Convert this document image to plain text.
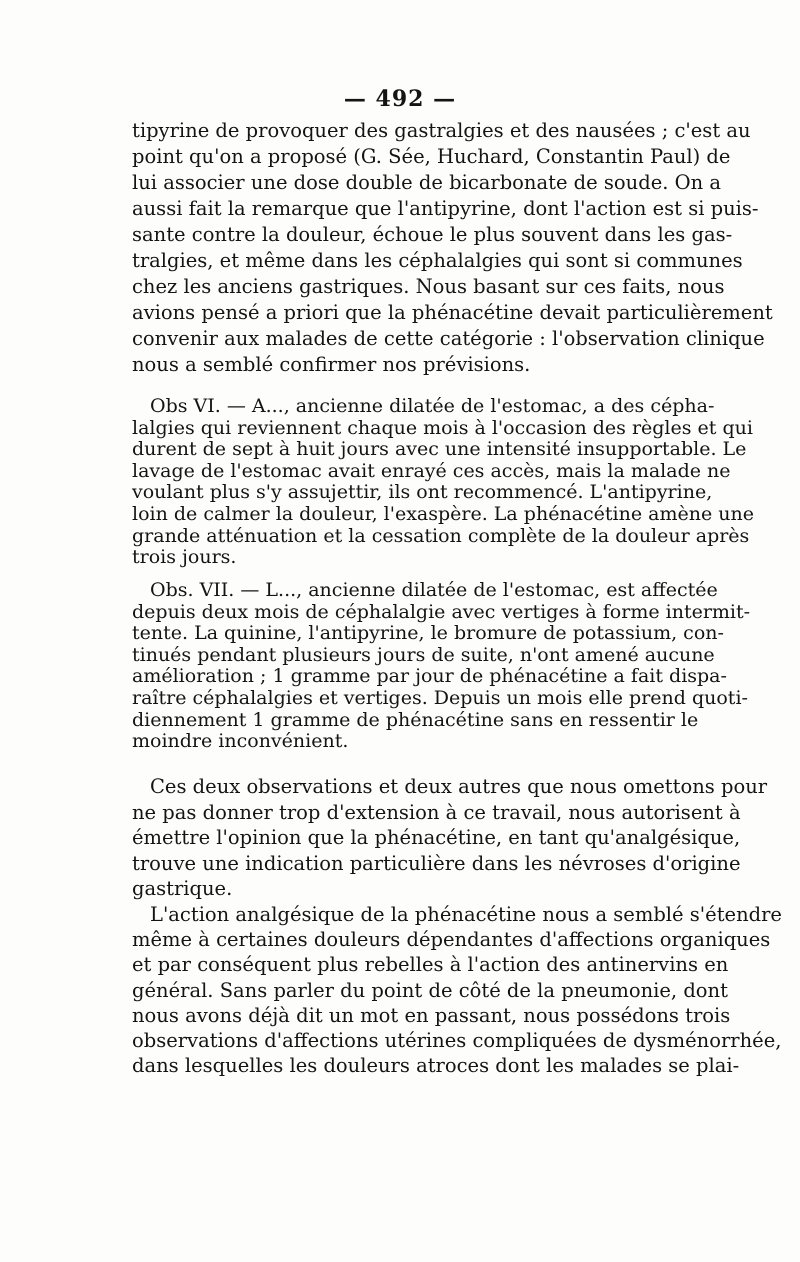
— 492 —
tipyrine de provoquer des gastralgies et des nausées ; c'est au
point qu'on a proposé (G. Sée, Huchard, Constantin Paul) de
lui associer une dose double de bicarbonate de soude. On a
aussi fait la remarque que l'antipyrine, dont l'action est si puis-
sante contre la douleur, échoue le plus souvent dans les gas-
tralgies, et même dans les céphalalgies qui sont si communes
chez les anciens gastriques. Nous basant sur ces faits, nous
avions pensé a priori que la phénacétine devait particulièrement
convenir aux malades de cette catégorie : l'observation clinique
nous a semblé confirmer nos prévisions.
Obs VI. — A..., ancienne dilatée de l'estomac, a des cépha-
lalgies qui reviennent chaque mois à l'occasion des règles et qui
durent de sept à huit jours avec une intensité insupportable. Le
lavage de l'estomac avait enrayé ces accès, mais la malade ne
voulant plus s'y assujettir, ils ont recommencé. L'antipyrine,
loin de calmer la douleur, l'exaspère. La phénacétine amène une
grande atténuation et la cessation complète de la douleur après
trois jours.
Obs. VII. — L..., ancienne dilatée de l'estomac, est affectée
depuis deux mois de céphalalgie avec vertiges à forme intermit-
tente. La quinine, l'antipyrine, le bromure de potassium, con-
tinués pendant plusieurs jours de suite, n'ont amené aucune
amélioration ; 1 gramme par jour de phénacétine a fait dispa-
raître céphalalgies et vertiges. Depuis un mois elle prend quoti-
diennement 1 gramme de phénacétine sans en ressentir le
moindre inconvénient.
Ces deux observations et deux autres que nous omettons pour
ne pas donner trop d'extension à ce travail, nous autorisent à
émettre l'opinion que la phénacétine, en tant qu'analgésique,
trouve une indication particulière dans les névroses d'origine
gastrique.
L'action analgésique de la phénacétine nous a semblé s'étendre
même à certaines douleurs dépendantes d'affections organiques
et par conséquent plus rebelles à l'action des antinervins en
général. Sans parler du point de côté de la pneumonie, dont
nous avons déjà dit un mot en passant, nous possédons trois
observations d'affections utérines compliquées de dysménorrhée,
dans lesquelles les douleurs atroces dont les malades se plai-
